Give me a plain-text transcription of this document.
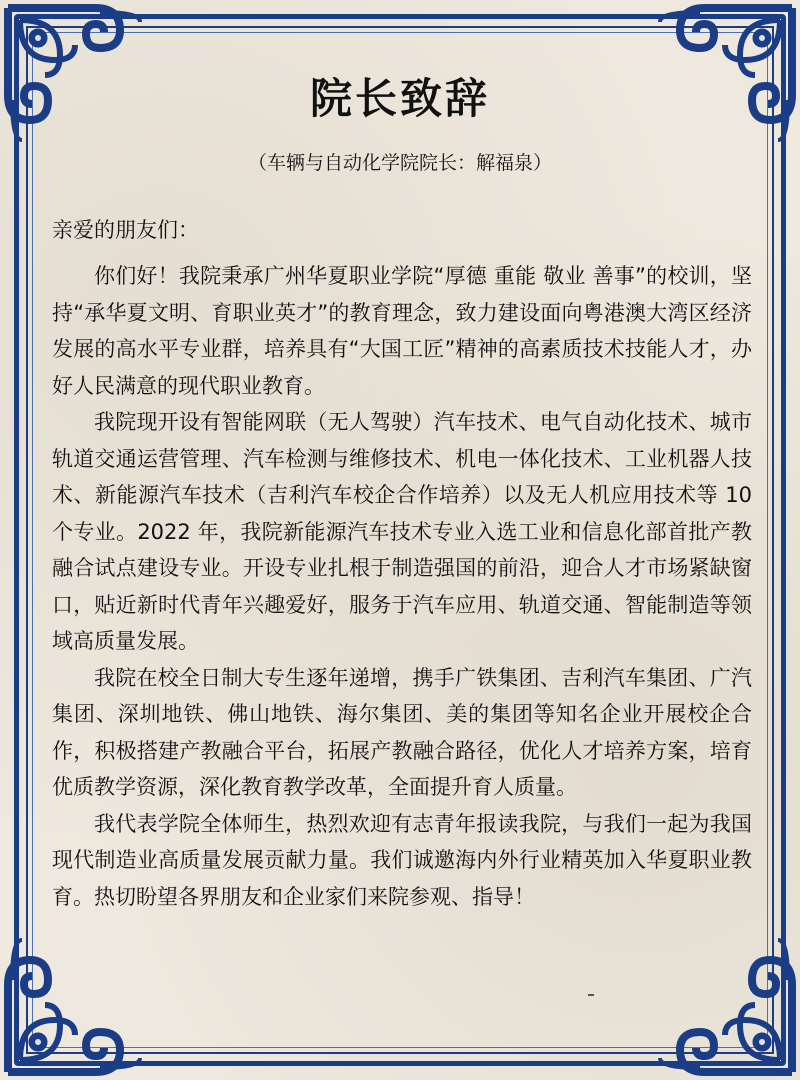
院长致辞
（车辆与自动化学院院长：解福泉）
亲爱的朋友们：

你们好！我院秉承广州华夏职业学院“厚德 重能 敬业 善事”的校训，坚持“承华夏文明、育职业英才”的教育理念，致力建设面向粤港澳大湾区经济发展的高水平专业群，培养具有“大国工匠”精神的高素质技术技能人才，办好人民满意的现代职业教育。

我院现开设有智能网联（无人驾驶）汽车技术、电气自动化技术、城市轨道交通运营管理、汽车检测与维修技术、机电一体化技术、工业机器人技术、新能源汽车技术（吉利汽车校企合作培养）以及无人机应用技术等 10 个专业。2022 年，我院新能源汽车技术专业入选工业和信息化部首批产教融合试点建设专业。开设专业扎根于制造强国的前沿，迎合人才市场紧缺窗口，贴近新时代青年兴趣爱好，服务于汽车应用、轨道交通、智能制造等领域高质量发展。

我院在校全日制大专生逐年递增，携手广铁集团、吉利汽车集团、广汽集团、深圳地铁、佛山地铁、海尔集团、美的集团等知名企业开展校企合作，积极搭建产教融合平台，拓展产教融合路径，优化人才培养方案，培育优质教学资源，深化教育教学改革，全面提升育人质量。

我代表学院全体师生，热烈欢迎有志青年报读我院，与我们一起为我国现代制造业高质量发展贡献力量。我们诚邀海内外行业精英加入华夏职业教育。热切盼望各界朋友和企业家们来院参观、指导！
